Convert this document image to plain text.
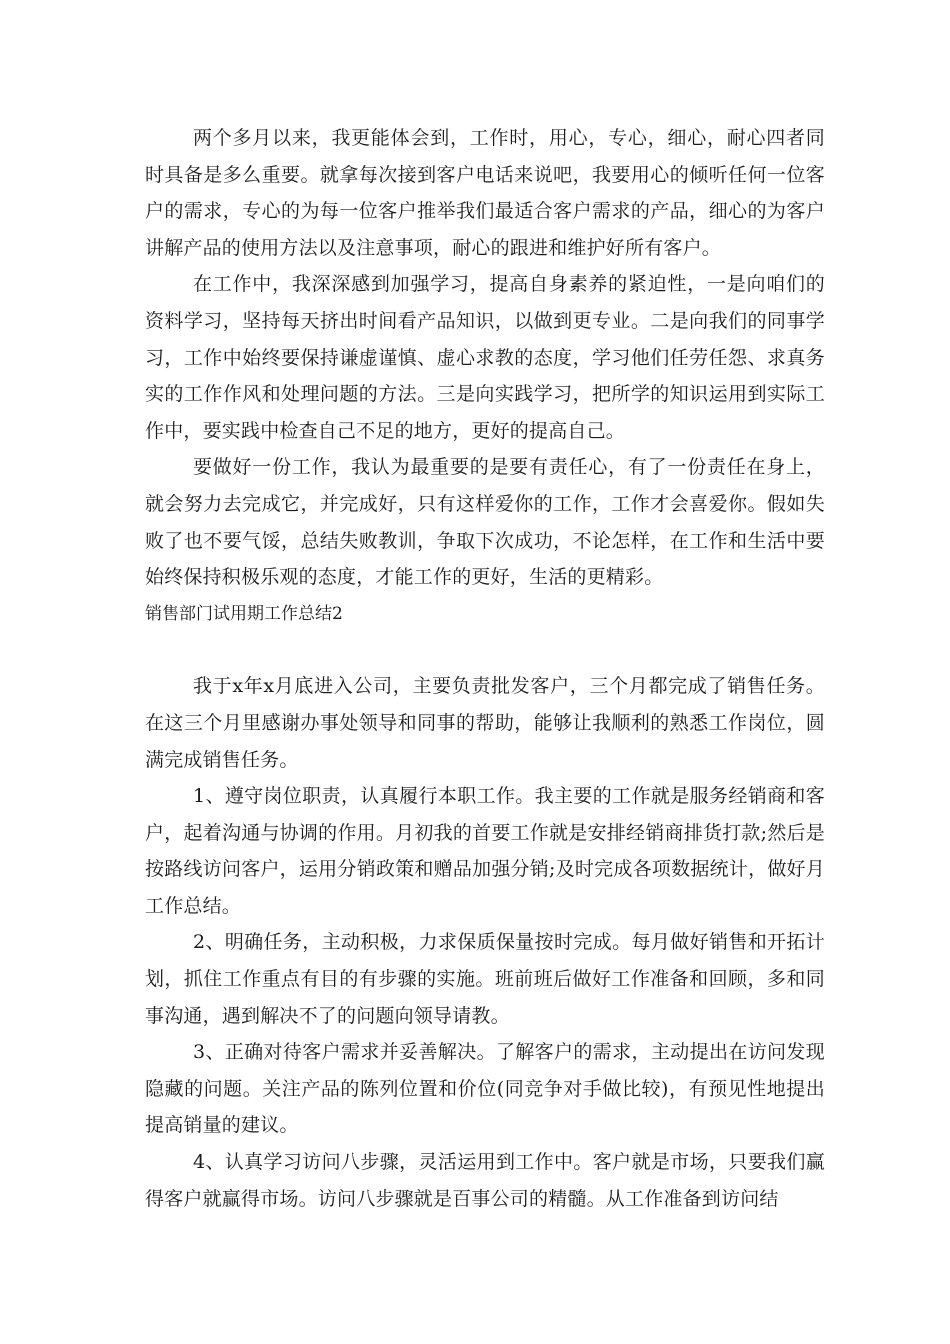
两个多月以来，我更能体会到，工作时，用心，专心，细心，耐心四者同时具备是多么重要。就拿每次接到客户电话来说吧，我要用心的倾听任何一位客户的需求，专心的为每一位客户推举我们最适合客户需求的产品，细心的为客户讲解产品的使用方法以及注意事项，耐心的跟进和维护好所有客户。

在工作中，我深深感到加强学习，提高自身素养的紧迫性，一是向咱们的资料学习，坚持每天挤出时间看产品知识，以做到更专业。二是向我们的同事学习，工作中始终要保持谦虚谨慎、虚心求教的态度，学习他们任劳任怨、求真务实的工作作风和处理问题的方法。三是向实践学习，把所学的知识运用到实际工作中，要实践中检查自己不足的地方，更好的提高自己。

要做好一份工作，我认为最重要的是要有责任心，有了一份责任在身上，就会努力去完成它，并完成好，只有这样爱你的工作，工作才会喜爱你。假如失败了也不要气馁，总结失败教训，争取下次成功，不论怎样，在工作和生活中要始终保持积极乐观的态度，才能工作的更好，生活的更精彩。

销售部门试用期工作总结2

我于x年x月底进入公司，主要负责批发客户，三个月都完成了销售任务。在这三个月里感谢办事处领导和同事的帮助，能够让我顺利的熟悉工作岗位，圆满完成销售任务。

1、遵守岗位职责，认真履行本职工作。我主要的工作就是服务经销商和客户，起着沟通与协调的作用。月初我的首要工作就是安排经销商排货打款;然后是按路线访问客户，运用分销政策和赠品加强分销;及时完成各项数据统计，做好月工作总结。

2、明确任务，主动积极，力求保质保量按时完成。每月做好销售和开拓计划，抓住工作重点有目的有步骤的实施。班前班后做好工作准备和回顾，多和同事沟通，遇到解决不了的问题向领导请教。

3、正确对待客户需求并妥善解决。了解客户的需求，主动提出在访问发现隐藏的问题。关注产品的陈列位置和价位(同竞争对手做比较)，有预见性地提出提高销量的建议。

4、认真学习访问八步骤，灵活运用到工作中。客户就是市场，只要我们赢得客户就赢得市场。访问八步骤就是百事公司的精髓。从工作准备到访问结
